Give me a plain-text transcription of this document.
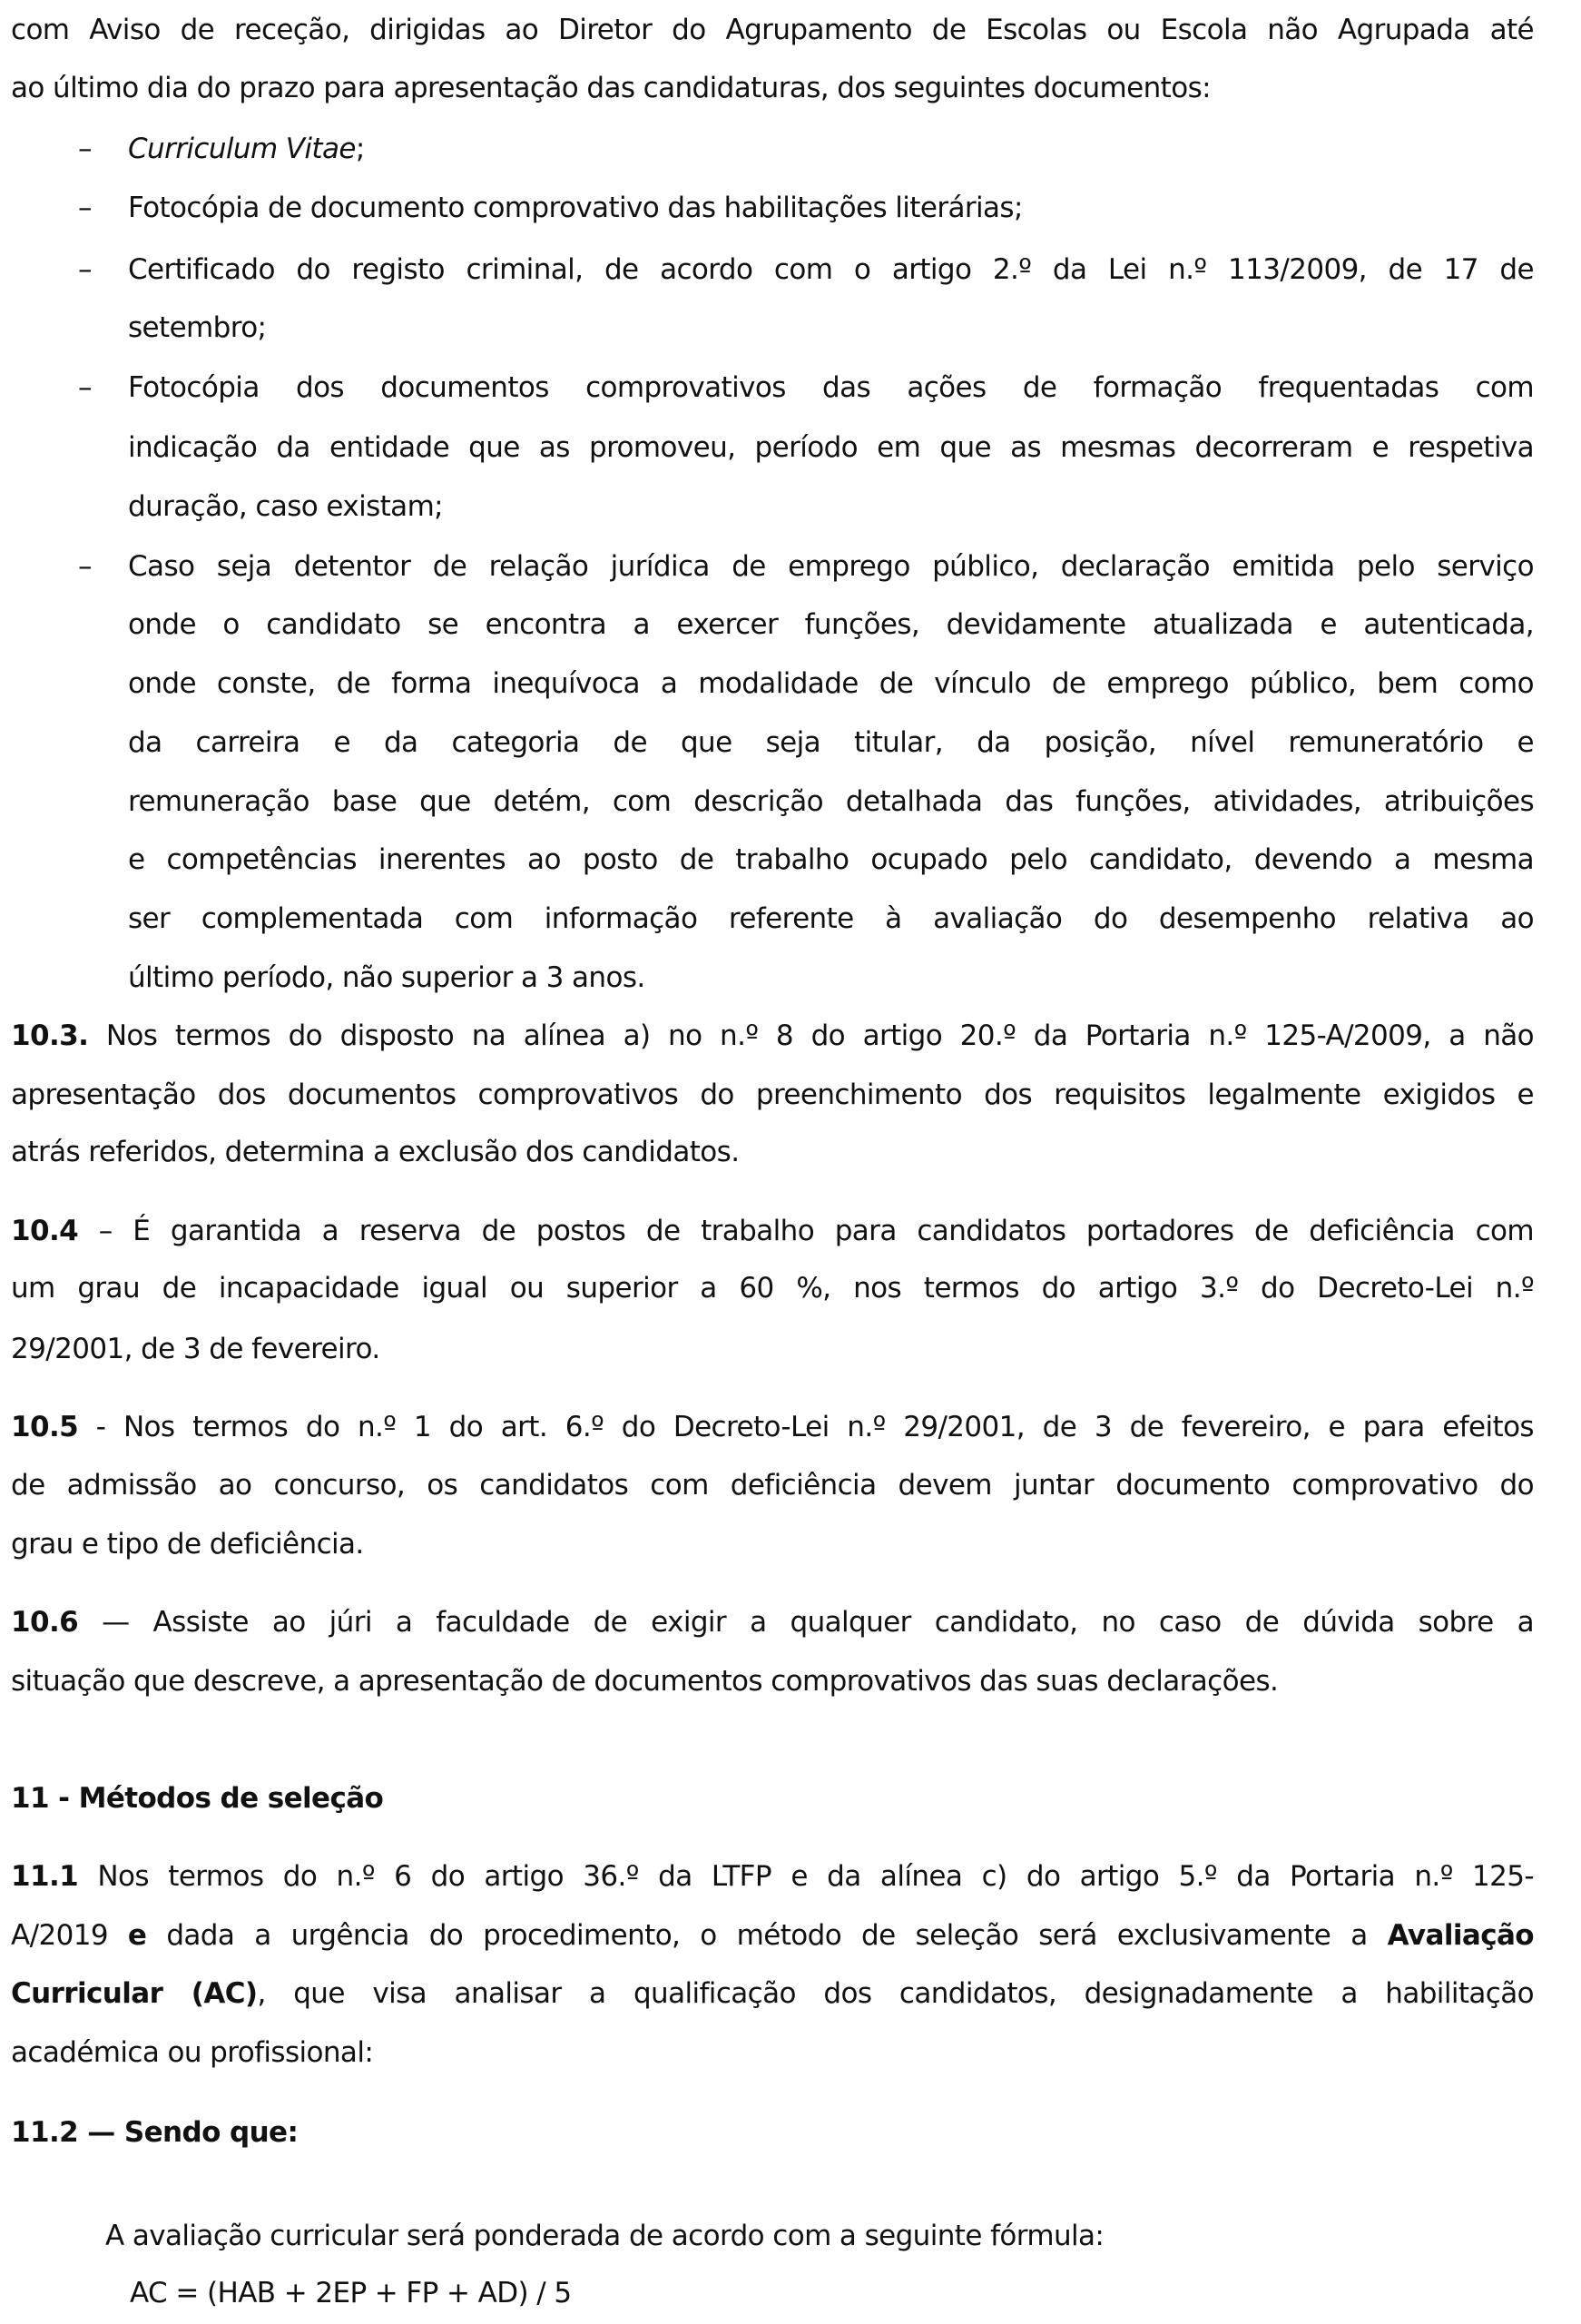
com Aviso de receção, dirigidas ao Diretor do Agrupamento de Escolas ou Escola não Agrupada até
ao último dia do prazo para apresentação das candidaturas, dos seguintes documentos:
– Curriculum Vitae;
– Fotocópia de documento comprovativo das habilitações literárias;
– Certificado do registo criminal, de acordo com o artigo 2.º da Lei n.º 113/2009, de 17 de
setembro;
– Fotocópia dos documentos comprovativos das ações de formação frequentadas com
indicação da entidade que as promoveu, período em que as mesmas decorreram e respetiva
duração, caso existam;
– Caso seja detentor de relação jurídica de emprego público, declaração emitida pelo serviço
onde o candidato se encontra a exercer funções, devidamente atualizada e autenticada,
onde conste, de forma inequívoca a modalidade de vínculo de emprego público, bem como
da carreira e da categoria de que seja titular, da posição, nível remuneratório e
remuneração base que detém, com descrição detalhada das funções, atividades, atribuições
e competências inerentes ao posto de trabalho ocupado pelo candidato, devendo a mesma
ser complementada com informação referente à avaliação do desempenho relativa ao
último período, não superior a 3 anos.
10.3. Nos termos do disposto na alínea a) no n.º 8 do artigo 20.º da Portaria n.º 125-A/2009, a não
apresentação dos documentos comprovativos do preenchimento dos requisitos legalmente exigidos e
atrás referidos, determina a exclusão dos candidatos.
10.4 – É garantida a reserva de postos de trabalho para candidatos portadores de deficiência com
um grau de incapacidade igual ou superior a 60 %, nos termos do artigo 3.º do Decreto-Lei n.º
29/2001, de 3 de fevereiro.
10.5 - Nos termos do n.º 1 do art. 6.º do Decreto-Lei n.º 29/2001, de 3 de fevereiro, e para efeitos
de admissão ao concurso, os candidatos com deficiência devem juntar documento comprovativo do
grau e tipo de deficiência.
10.6 — Assiste ao júri a faculdade de exigir a qualquer candidato, no caso de dúvida sobre a
situação que descreve, a apresentação de documentos comprovativos das suas declarações.
11 - Métodos de seleção
11.1 Nos termos do n.º 6 do artigo 36.º da LTFP e da alínea c) do artigo 5.º da Portaria n.º 125-
A/2019 e dada a urgência do procedimento, o método de seleção será exclusivamente a Avaliação
Curricular (AC), que visa analisar a qualificação dos candidatos, designadamente a habilitação
académica ou profissional:
11.2 — Sendo que:
A avaliação curricular será ponderada de acordo com a seguinte fórmula:
AC = (HAB + 2EP + FP + AD) / 5
